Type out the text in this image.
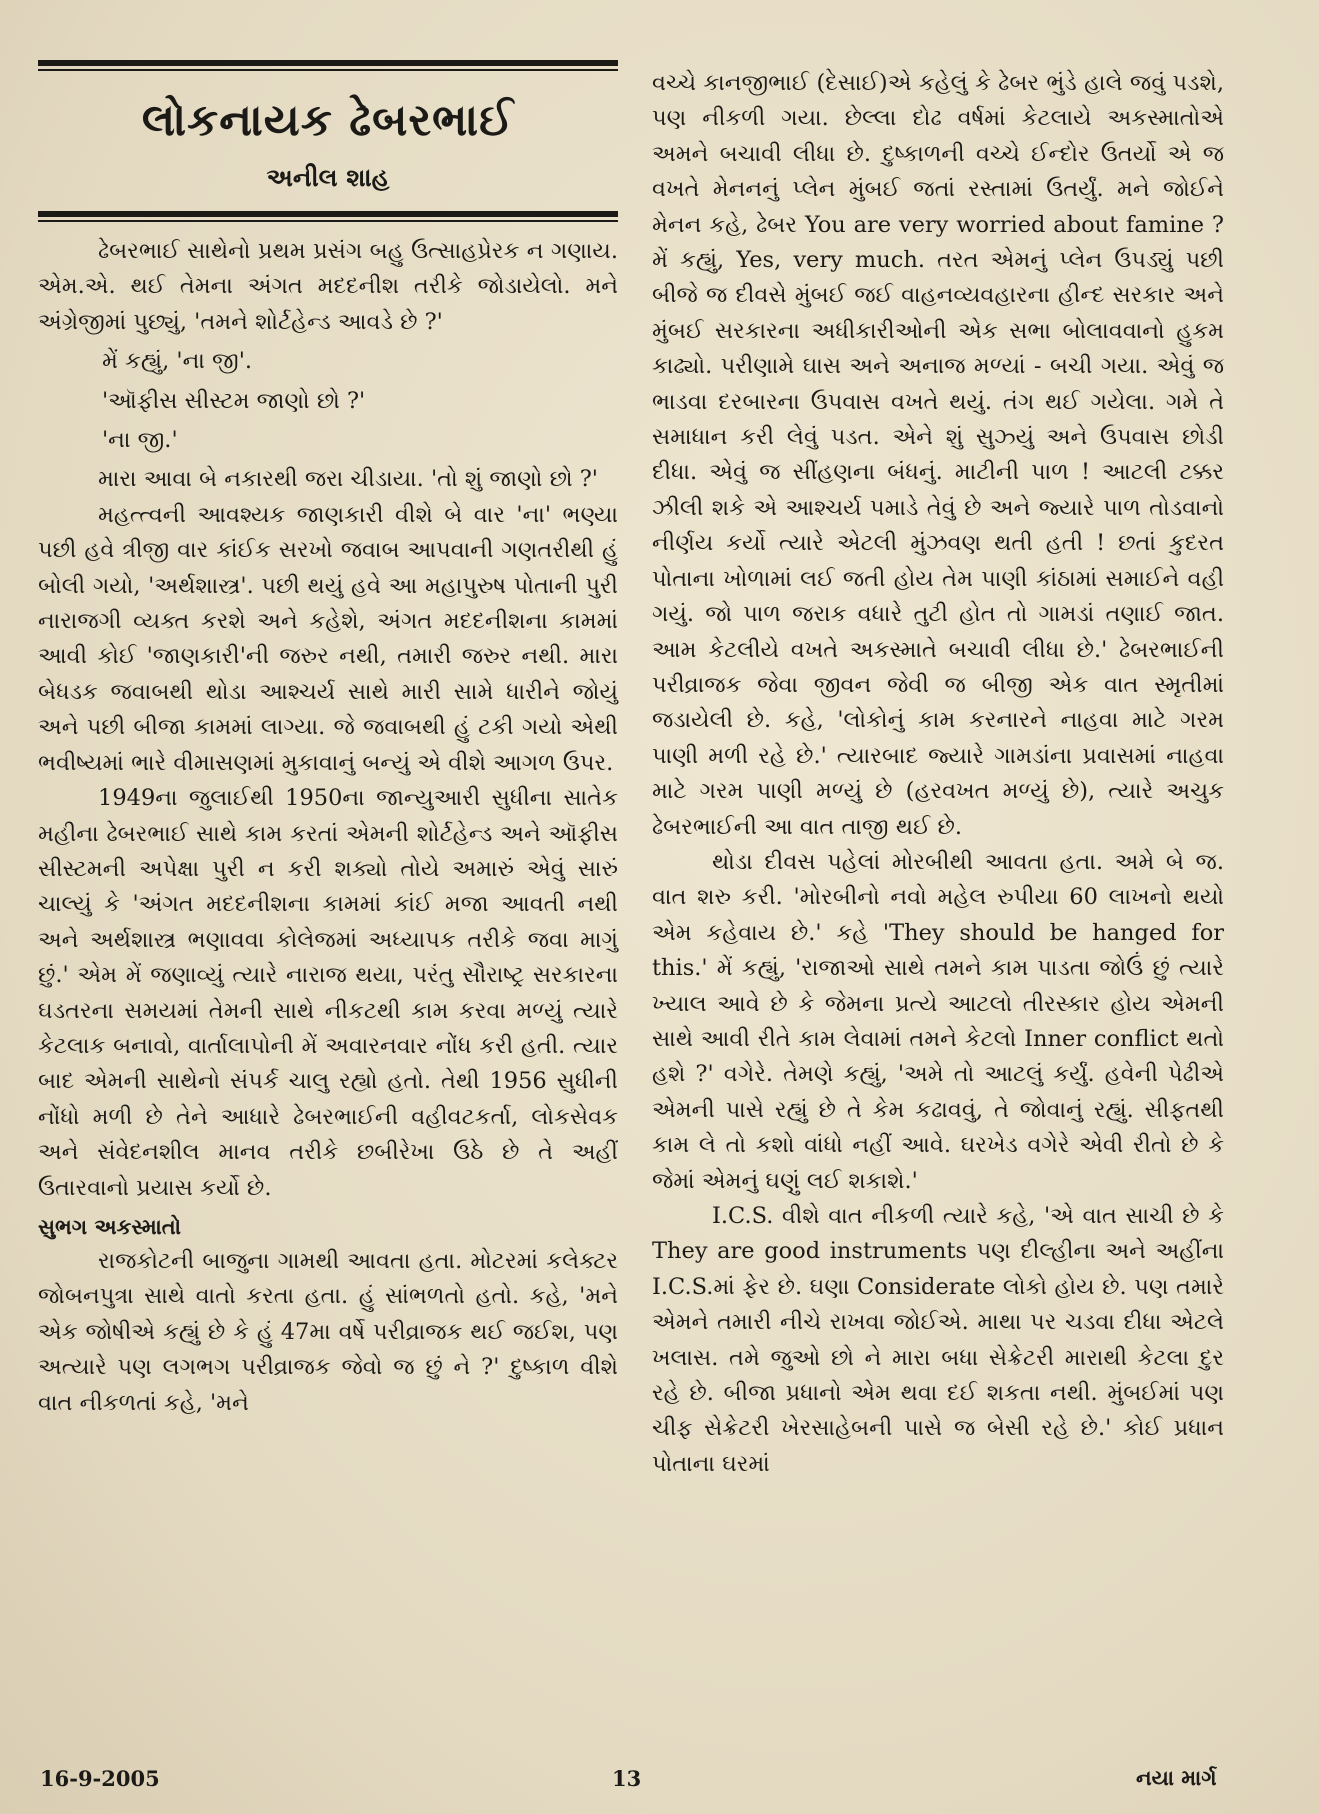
લોકનાયક ઢેબરભાઈ
અનીલ શાહ

ઢેબરભાઈ સાથેનો પ્રથમ પ્રસંગ બહુ ઉત્સાહપ્રેરક ન ગણાય. એમ.એ. થઈ તેમના અંગત મદદનીશ તરીકે જોડાયેલો. મને અંગ્રેજીમાં પુછ્યું, 'તમને શોર્ટહેન્ડ આવડે છે ?'

મેં કહ્યું, 'ના જી'.

'ઑફીસ સીસ્ટમ જાણો છો ?'

'ના જી.'

મારા આવા બે નકારથી જરા ચીડાયા. 'તો શું જાણો છો ?'

મહત્ત્વની આવશ્યક જાણકારી વીશે બે વાર 'ના' ભણ્યા પછી હવે ત્રીજી વાર કાંઈક સરખો જવાબ આપવાની ગણતરીથી હું બોલી ગયો, 'અર્થશાસ્ત્ર'. પછી થયું હવે આ મહાપુરુષ પોતાની પુરી નારાજગી વ્યક્ત કરશે અને કહેશે, અંગત મદદનીશના કામમાં આવી કોઈ 'જાણકારી'ની જરુર નથી, તમારી જરુર નથી. મારા બેધડક જવાબથી થોડા આશ્ચર્ય સાથે મારી સામે ધારીને જોયું અને પછી બીજા કામમાં લાગ્યા. જે જવાબથી હું ટકી ગયો એથી ભવીષ્યમાં ભારે વીમાસણમાં મુકાવાનું બન્યું એ વીશે આગળ ઉપર.

1949ના જુલાઈથી 1950ના જાન્યુઆરી સુધીના સાતેક મહીના ઢેબરભાઈ સાથે કામ કરતાં એમની શોર્ટહેન્ડ અને ઑફીસ સીસ્ટમની અપેક્ષા પુરી ન કરી શક્યો તોયે અમારું એવું સારું ચાલ્યું કે 'અંગત મદદનીશના કામમાં કાંઈ મજા આવતી નથી અને અર્થશાસ્ત્ર ભણાવવા કોલેજમાં અધ્યાપક તરીકે જવા માગું છું.' એમ મેં જણાવ્યું ત્યારે નારાજ થયા, પરંતુ સૌરાષ્ટ્ર સરકારના ઘડતરના સમયમાં તેમની સાથે નીકટથી કામ કરવા મળ્યું ત્યારે કેટલાક બનાવો, વાર્તાલાપોની મેં અવારનવાર નોંધ કરી હતી. ત્યાર બાદ એમની સાથેનો સંપર્ક ચાલુ રહ્યો હતો. તેથી 1956 સુધીની નોંધો મળી છે તેને આધારે ઢેબરભાઈની વહીવટકર્તા, લોકસેવક અને સંવેદનશીલ માનવ તરીકે છબીરેખા ઉઠે છે તે અહીં ઉતારવાનો પ્રયાસ કર્યો છે.

સુભગ અકસ્માતો

રાજકોટની બાજુના ગામથી આવતા હતા. મોટરમાં કલેક્ટર જોબનપુત્રા સાથે વાતો કરતા હતા. હું સાંભળતો હતો. કહે, 'મને એક જોષીએ કહ્યું છે કે હું 47મા વર્ષે પરીવ્રાજક થઈ જઈશ, પણ અત્યારે પણ લગભગ પરીવ્રાજક જેવો જ છું ને ?' દુષ્કાળ વીશે વાત નીકળતાં કહે, 'મને

વચ્ચે કાનજીભાઈ (દેસાઈ)એ કહેલું કે ઢેબર ભુંડે હાલે જવું પડશે, પણ નીકળી ગયા. છેલ્લા દોઢ વર્ષમાં કેટલાયે અકસ્માતોએ અમને બચાવી લીધા છે. દુષ્કાળની વચ્ચે ઈન્દોર ઉતર્યો એ જ વખતે મેનનનું પ્લેન મુંબઈ જતાં રસ્તામાં ઉતર્યું. મને જોઈને મેનન કહે, ઢેબર You are very worried about famine ? મેં કહ્યું, Yes, very much. તરત એમનું પ્લેન ઉપડ્યું પછી બીજે જ દીવસે મુંબઈ જઈ વાહનવ્યવહારના હીન્દ સરકાર અને મુંબઈ સરકારના અધીકારીઓની એક સભા બોલાવવાનો હુકમ કાઢ્યો. પરીણામે ઘાસ અને અનાજ મળ્યાં - બચી ગયા. એવું જ ભાડવા દરબારના ઉપવાસ વખતે થયું. તંગ થઈ ગયેલા. ગમે તે સમાધાન કરી લેવું પડત. એને શું સુઝ્યું અને ઉપવાસ છોડી દીધા. એવું જ સીંહણના બંધનું. માટીની પાળ ! આટલી ટક્કર ઝીલી શકે એ આશ્ચર્ય પમાડે તેવું છે અને જ્યારે પાળ તોડવાનો નીર્ણય કર્યો ત્યારે એટલી મુંઝવણ થતી હતી ! છતાં કુદરત પોતાના ખોળામાં લઈ જતી હોય તેમ પાણી કાંઠામાં સમાઈને વહી ગયું. જો પાળ જરાક વધારે તુટી હોત તો ગામડાં તણાઈ જાત. આમ કેટલીયે વખતે અકસ્માતે બચાવી લીધા છે.' ઢેબરભાઈની પરીવ્રાજક જેવા જીવન જેવી જ બીજી એક વાત સ્મૃતીમાં જડાયેલી છે. કહે, 'લોકોનું કામ કરનારને નાહવા માટે ગરમ પાણી મળી રહે છે.' ત્યારબાદ જ્યારે ગામડાંના પ્રવાસમાં નાહવા માટે ગરમ પાણી મળ્યું છે (હરવખત મળ્યું છે), ત્યારે અચુક ઢેબરભાઈની આ વાત તાજી થઈ છે.

થોડા દીવસ પહેલાં મોરબીથી આવતા હતા. અમે બે જ. વાત શરુ કરી. 'મોરબીનો નવો મહેલ રુપીયા 60 લાખનો થયો એમ કહેવાય છે.' કહે 'They should be hanged for this.' મેં કહ્યું, 'રાજાઓ સાથે તમને કામ પાડતા જોઉં છું ત્યારે ખ્યાલ આવે છે કે જેમના પ્રત્યે આટલો તીરસ્કાર હોય એમની સાથે આવી રીતે કામ લેવામાં તમને કેટલો Inner conflict થતો હશે ?' વગેરે. તેમણે કહ્યું, 'અમે તો આટલું કર્યું. હવેની પેઢીએ એમની પાસે રહ્યું છે તે કેમ કઢાવવું, તે જોવાનું રહ્યું. સીફતથી કામ લે તો કશો વાંધો નહીં આવે. ઘરખેડ વગેરે એવી રીતો છે કે જેમાં એમનું ઘણું લઈ શકાશે.'

I.C.S. વીશે વાત નીકળી ત્યારે કહે, 'એ વાત સાચી છે કે They are good instruments પણ દીલ્હીના અને અહીંના I.C.S.માં ફેર છે. ઘણા Considerate લોકો હોય છે. પણ તમારે એમને તમારી નીચે રાખવા જોઈએ. માથા પર ચડવા દીધા એટલે ખલાસ. તમે જુઓ છો ને મારા બધા સેક્રેટરી મારાથી કેટલા દુર રહે છે. બીજા પ્રધાનો એમ થવા દઈ શકતા નથી. મુંબઈમાં પણ ચીફ સેક્રેટરી ખેરસાહેબની પાસે જ બેસી રહે છે.' કોઈ પ્રધાન પોતાના ઘરમાં

16-9-2005	13	નયા માર્ગ
